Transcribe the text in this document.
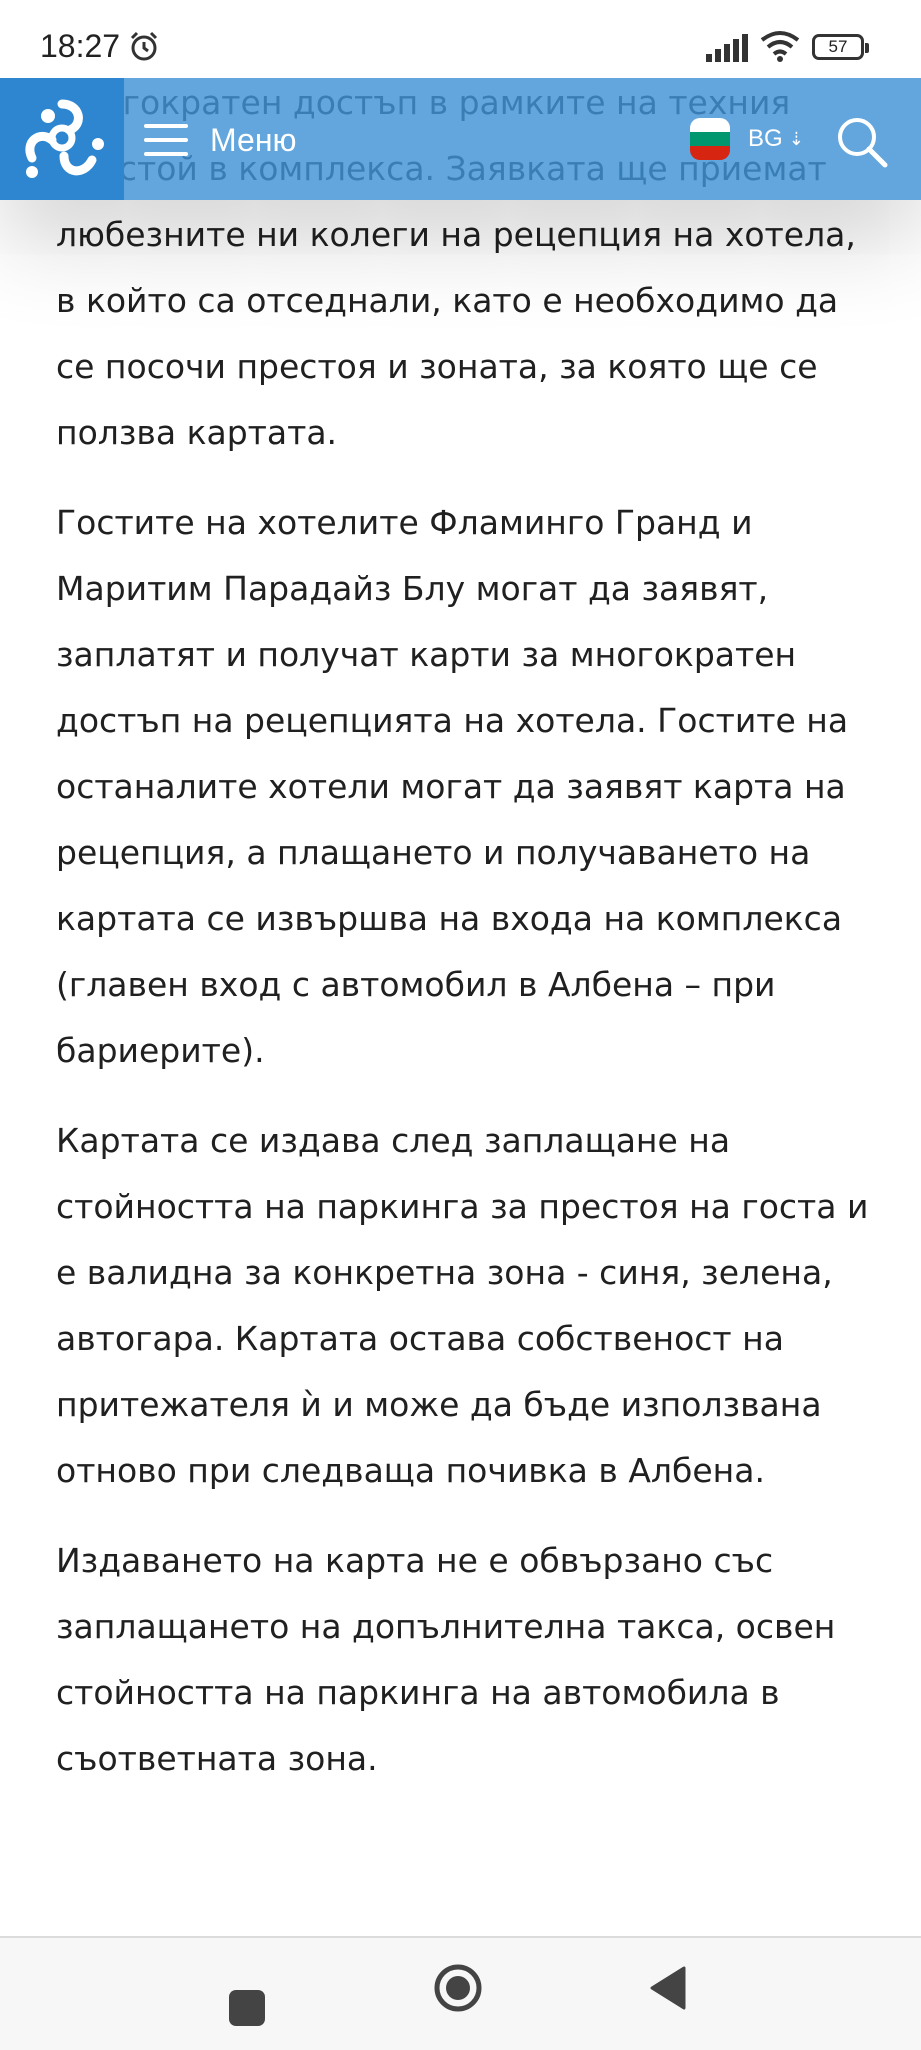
любезните ни колеги на рецепция на хотела, в който са отседнали, като е необходимо да се посочи престоя и зоната, за която ще се ползва картата.

Гостите на хотелите Фламинго Гранд и Маритим Парадайз Блу могат да заявят, заплатят и получат карти за многократен достъп на рецепцията на хотела. Гостите на останалите хотели могат да заявят карта на рецепция, а плащането и получаването на картата се извършва на входа на комплекса (главен вход с автомобил в Албена – при бариерите).

Картата се издава след заплащане на стойността на паркинга за престоя на госта и е валидна за конкретна зона - синя, зелена, автогара. Картата остава собственост на притежателя ѝ и може да бъде използвана отново при следваща почивка в Албена.

Издаването на карта не е обвързано със заплащането на допълнителна такса, освен стойността на паркинга на автомобила в съответната зона.

18:27	57
Меню	BG ⇣
